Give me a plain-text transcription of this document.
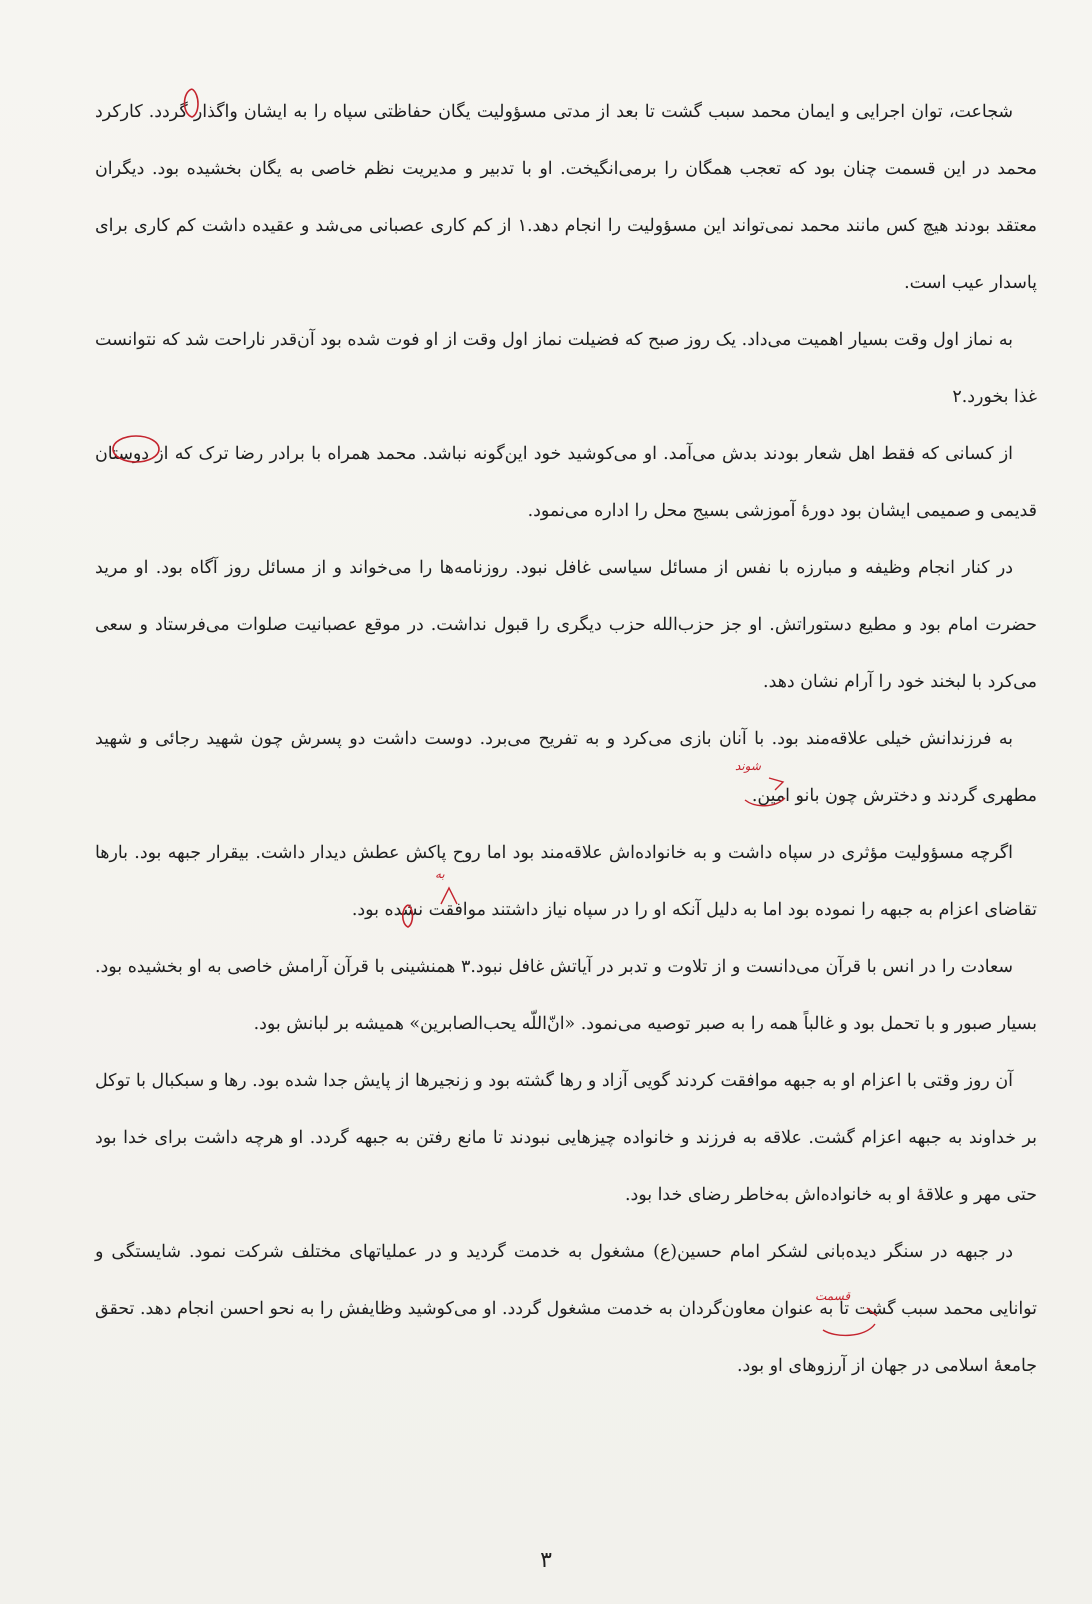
شجاعت، توان اجرایی و ایمان محمد سبب گشت تا بعد از مدتی مسؤولیت یگان حفاظتی سپاه را به ایشان واگذار گردد. کارکرد محمد در این قسمت چنان بود که تعجب همگان را برمی‌انگیخت. او با تدبیر و مدیریت نظم خاصی به یگان بخشیده بود. دیگران معتقد بودند هیچ کس مانند محمد نمی‌تواند این مسؤولیت را انجام دهد.۱ از کم کاری عصبانی می‌شد و عقیده داشت کم کاری برای پاسدار عیب است.

به نماز اول وقت بسیار اهمیت می‌داد. یک روز صبح که فضیلت نماز اول وقت از او فوت شده بود آن‌قدر ناراحت شد که نتوانست غذا بخورد.۲

از کسانی که فقط اهل شعار بودند بدش می‌آمد. او می‌کوشید خود این‌گونه نباشد. محمد همراه با برادر رضا ترک که از دوستان قدیمی و صمیمی ایشان بود دورهٔ آموزشی بسیج محل را اداره می‌نمود.

در کنار انجام وظیفه و مبارزه با نفس از مسائل سیاسی غافل نبود. روزنامه‌ها را می‌خواند و از مسائل روز آگاه بود. او مرید حضرت امام بود و مطیع دستوراتش. او جز حزب‌الله حزب دیگری را قبول نداشت. در موقع عصبانیت صلوات می‌فرستاد و سعی می‌کرد با لبخند خود را آرام نشان دهد.

به فرزندانش خیلی علاقه‌مند بود. با آنان بازی می‌کرد و به تفریح می‌برد. دوست داشت دو پسرش چون شهید رجائی و شهید مطهری گردند و دخترش چون بانو امین.

اگرچه مسؤولیت مؤثری در سپاه داشت و به خانواده‌اش علاقه‌مند بود اما روح پاکش عطش دیدار داشت. بیقرار جبهه بود. بارها تقاضای اعزام به جبهه را نموده بود اما به دلیل آنکه او را در سپاه نیاز داشتند موافقت نشده بود.

سعادت را در انس با قرآن می‌دانست و از تلاوت و تدبر در آیاتش غافل نبود.۳ همنشینی با قرآن آرامش خاصی به او بخشیده بود. بسیار صبور و با تحمل بود و غالباً همه را به صبر توصیه می‌نمود. «انّ‌اللّه یحب‌الصابرین» همیشه بر لبانش بود.

آن روز وقتی با اعزام او به جبهه موافقت کردند گویی آزاد و رها گشته بود و زنجیرها از پایش جدا شده بود. رها و سبکبال با توکل بر خداوند به جبهه اعزام گشت. علاقه به فرزند و خانواده چیزهایی نبودند تا مانع رفتن به جبهه گردد. او هرچه داشت برای خدا بود حتی مهر و علاقهٔ او به خانواده‌اش به‌خاطر رضای خدا بود.

در جبهه در سنگر دیده‌بانی لشکر امام حسین(ع) مشغول به خدمت گردید و در عملیاتهای مختلف شرکت نمود. شایستگی و توانایی محمد سبب گشت تا به عنوان معاون‌گردان به خدمت مشغول گردد. او می‌کوشید وظایفش را به نحو احسن انجام دهد. تحقق جامعهٔ اسلامی در جهان از آرزوهای او بود.

شوند
به
قسمت
۳
